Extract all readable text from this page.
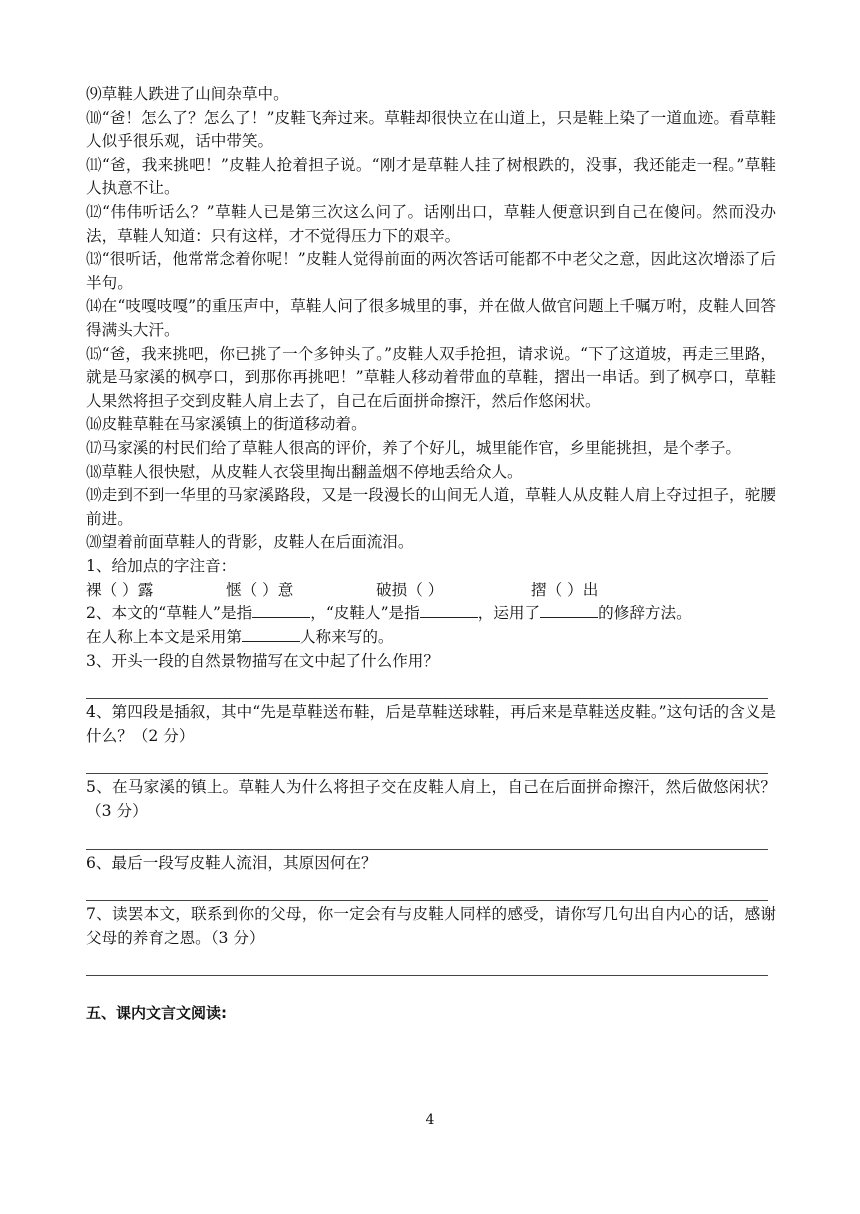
⑼草鞋人跌进了山间杂草中。

⑽“爸！怎么了？怎么了！”皮鞋飞奔过来。草鞋却很快立在山道上，只是鞋上染了一道血迹。看草鞋人似乎很乐观，话中带笑。

⑾“爸，我来挑吧！”皮鞋人抢着担子说。“刚才是草鞋人挂了树根跌的，没事，我还能走一程。”草鞋人执意不让。

⑿“伟伟听话么？”草鞋人已是第三次这么问了。话刚出口，草鞋人便意识到自己在傻问。然而没办法，草鞋人知道：只有这样，才不觉得压力下的艰辛。

⒀“很听话，他常常念着你呢！”皮鞋人觉得前面的两次答话可能都不中老父之意，因此这次增添了后半句。

⒁在“吱嘎吱嘎”的重压声中，草鞋人问了很多城里的事，并在做人做官问题上千嘱万咐，皮鞋人回答得满头大汗。

⒂“爸，我来挑吧，你已挑了一个多钟头了。”皮鞋人双手抢担，请求说。“下了这道坡，再走三里路，就是马家溪的枫亭口，到那你再挑吧！”草鞋人移动着带血的草鞋，摺出一串话。到了枫亭口，草鞋人果然将担子交到皮鞋人肩上去了，自己在后面拼命擦汗，然后作悠闲状。

⒃皮鞋草鞋在马家溪镇上的街道移动着。

⒄马家溪的村民们给了草鞋人很高的评价，养了个好儿，城里能作官，乡里能挑担，是个孝子。

⒅草鞋人很快慰，从皮鞋人衣袋里掏出翻盖烟不停地丢给众人。

⒆走到不到一华里的马家溪路段，又是一段漫长的山间无人道，草鞋人从皮鞋人肩上夺过担子，驼腰前进。

⒇望着前面草鞋人的背影，皮鞋人在后面流泪。

1、给加点的字注音：

裸（ ）露	惬（ ）意	破损（ ）	摺（ ）出

2、本文的“草鞋人”是指	，“皮鞋人”是指	，运用了	的修辞方法。

在人称上本文是采用第	人称来写的。

3、开头一段的自然景物描写在文中起了什么作用？

4、第四段是插叙，其中“先是草鞋送布鞋，后是草鞋送球鞋，再后来是草鞋送皮鞋。”这句话的含义是什么？（2 分）

5、在马家溪的镇上。草鞋人为什么将担子交在皮鞋人肩上，自己在后面拼命擦汗，然后做悠闲状？（3 分）

6、最后一段写皮鞋人流泪，其原因何在？

7、读罢本文，联系到你的父母，你一定会有与皮鞋人同样的感受，请你写几句出自内心的话，感谢父母的养育之恩。（3 分）

五、课内文言文阅读:
4
